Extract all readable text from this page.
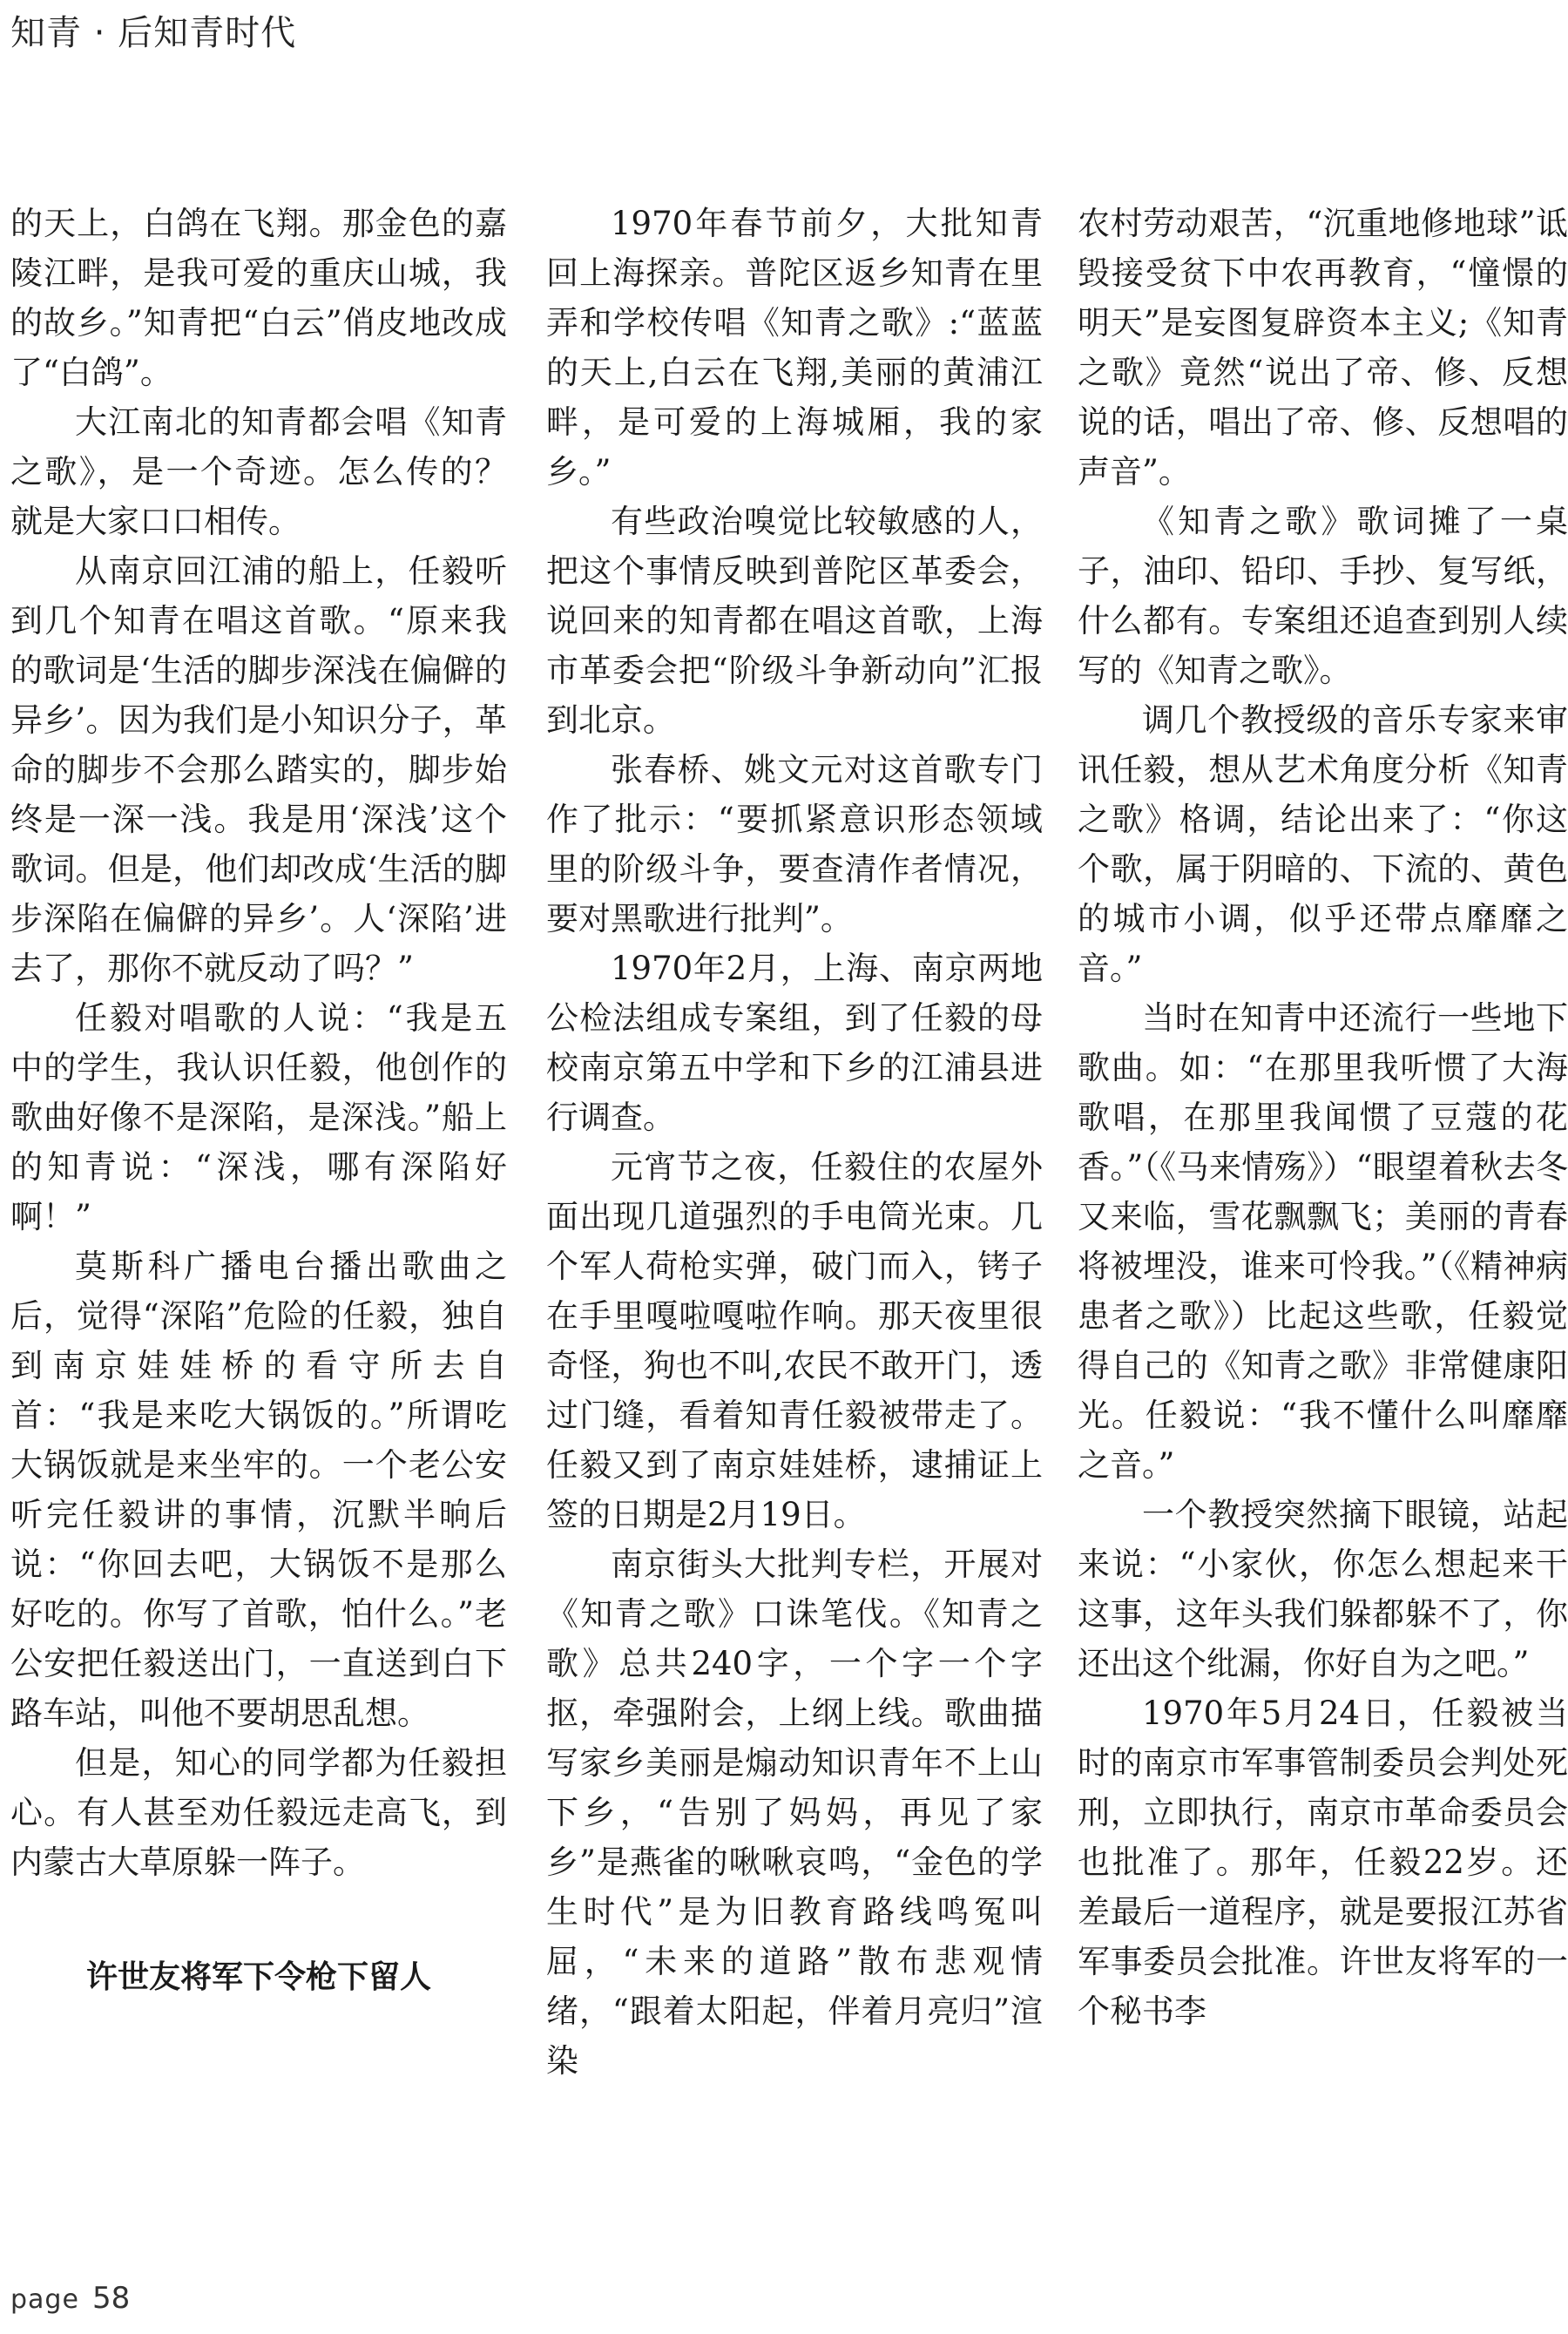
知青 · 后知青时代

的天上，白鸽在飞翔。那金色的嘉陵江畔，是我可爱的重庆山城，我的故乡。”知青把“白云”俏皮地改成了“白鸽”。

大江南北的知青都会唱《知青之歌》，是一个奇迹。怎么传的？就是大家口口相传。

从南京回江浦的船上，任毅听到几个知青在唱这首歌。“原来我的歌词是‘生活的脚步深浅在偏僻的异乡’。因为我们是小知识分子，革命的脚步不会那么踏实的，脚步始终是一深一浅。我是用‘深浅’这个歌词。但是，他们却改成‘生活的脚步深陷在偏僻的异乡’。人‘深陷’进去了，那你不就反动了吗？”

任毅对唱歌的人说：“我是五中的学生，我认识任毅，他创作的歌曲好像不是深陷，是深浅。”船上的知青说：“深浅，哪有深陷好啊！”

莫斯科广播电台播出歌曲之后，觉得“深陷”危险的任毅，独自到南京娃娃桥的看守所去自首：“我是来吃大锅饭的。”所谓吃大锅饭就是来坐牢的。一个老公安听完任毅讲的事情，沉默半晌后说：“你回去吧，大锅饭不是那么好吃的。你写了首歌，怕什么。”老公安把任毅送出门，一直送到白下路车站，叫他不要胡思乱想。

但是，知心的同学都为任毅担心。有人甚至劝任毅远走高飞，到内蒙古大草原躲一阵子。

许世友将军下令枪下留人

1970年春节前夕，大批知青回上海探亲。普陀区返乡知青在里弄和学校传唱《知青之歌》:“蓝蓝的天上,白云在飞翔,美丽的黄浦江畔，是可爱的上海城厢，我的家乡。”

有些政治嗅觉比较敏感的人，把这个事情反映到普陀区革委会，说回来的知青都在唱这首歌，上海市革委会把“阶级斗争新动向”汇报到北京。

张春桥、姚文元对这首歌专门作了批示：“要抓紧意识形态领域里的阶级斗争，要查清作者情况，要对黑歌进行批判”。

1970年2月，上海、南京两地公检法组成专案组，到了任毅的母校南京第五中学和下乡的江浦县进行调查。

元宵节之夜，任毅住的农屋外面出现几道强烈的手电筒光束。几个军人荷枪实弹，破门而入，铐子在手里嘎啦嘎啦作响。那天夜里很奇怪，狗也不叫,农民不敢开门，透过门缝，看着知青任毅被带走了。任毅又到了南京娃娃桥，逮捕证上签的日期是2月19日。

南京街头大批判专栏，开展对《知青之歌》口诛笔伐。《知青之歌》总共240字，一个字一个字抠，牵强附会，上纲上线。歌曲描写家乡美丽是煽动知识青年不上山下乡，“告别了妈妈，再见了家乡”是燕雀的啾啾哀鸣，“金色的学生时代”是为旧教育路线鸣冤叫屈，“未来的道路”散布悲观情绪，“跟着太阳起，伴着月亮归”渲染

农村劳动艰苦，“沉重地修地球”诋毁接受贫下中农再教育，“憧憬的明天”是妄图复辟资本主义;《知青之歌》竟然“说出了帝、修、反想说的话，唱出了帝、修、反想唱的声音”。

《知青之歌》歌词摊了一桌子，油印、铅印、手抄、复写纸，什么都有。专案组还追查到别人续写的《知青之歌》。

调几个教授级的音乐专家来审讯任毅，想从艺术角度分析《知青之歌》格调，结论出来了：“你这个歌，属于阴暗的、下流的、黄色的城市小调，似乎还带点靡靡之音。”

当时在知青中还流行一些地下歌曲。如：“在那里我听惯了大海歌唱，在那里我闻惯了豆蔻的花香。”（《马来情殇》）“眼望着秋去冬又来临，雪花飘飘飞；美丽的青春将被埋没，谁来可怜我。”（《精神病患者之歌》）比起这些歌，任毅觉得自己的《知青之歌》非常健康阳光。任毅说：“我不懂什么叫靡靡之音。”

一个教授突然摘下眼镜，站起来说：“小家伙，你怎么想起来干这事，这年头我们躲都躲不了，你还出这个纰漏，你好自为之吧。”

1970年5月24日，任毅被当时的南京市军事管制委员会判处死刑，立即执行，南京市革命委员会也批准了。那年，任毅22岁。还差最后一道程序，就是要报江苏省军事委员会批准。许世友将军的一个秘书李

page 58
